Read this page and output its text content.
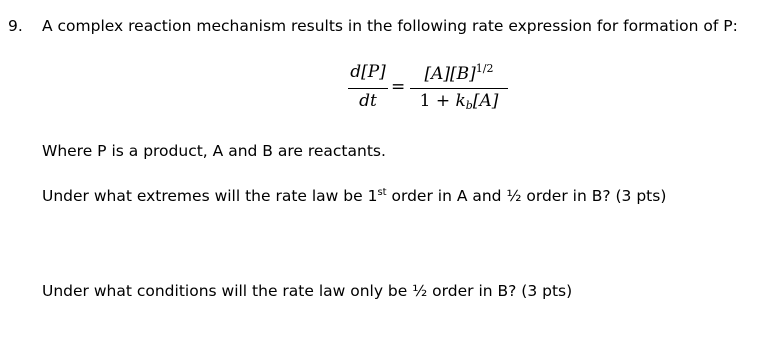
9. A complex reaction mechanism results in the following rate expression for formation of P:
d[P]
dt
=
$[A][B]^{1/2}$
$1 + k_b[A]$
Where P is a product, A and B are reactants.
Under what extremes will the rate law be 1st order in A and ½ order in B? (3 pts)
Under what conditions will the rate law only be ½ order in B? (3 pts)
